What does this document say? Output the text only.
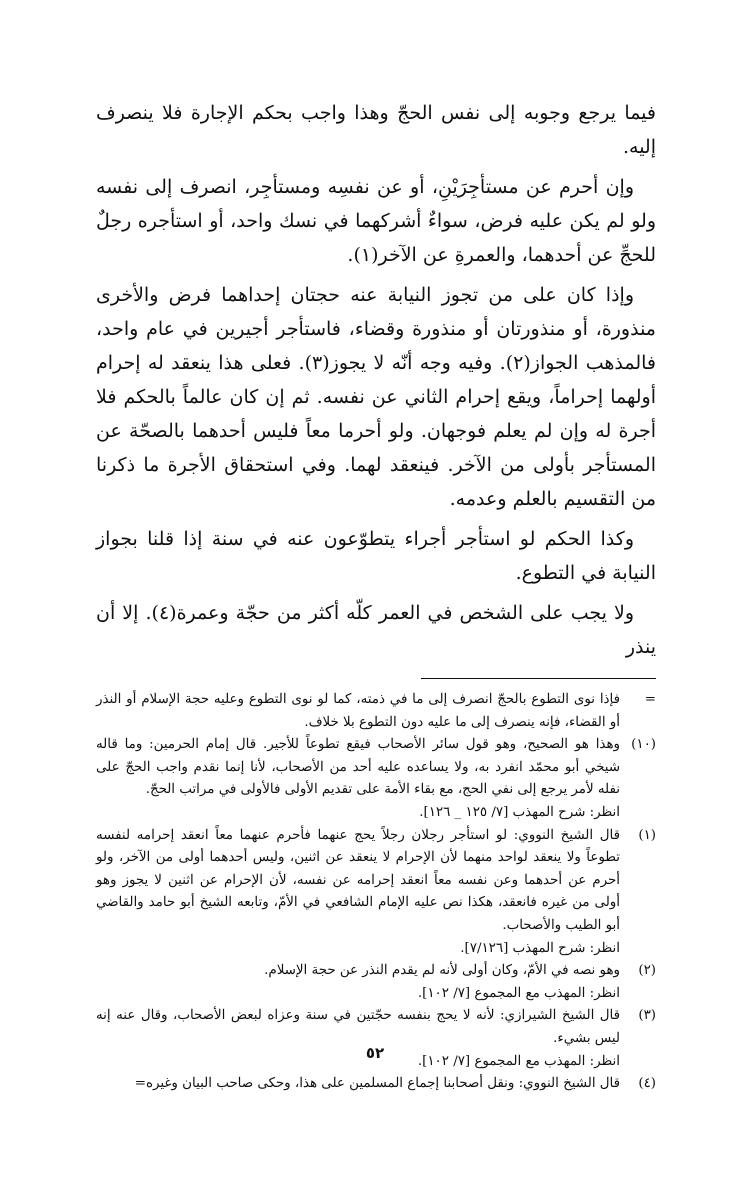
فيما يرجع وجوبه إلى نفس الحجّ وهذا واجب بحكم الإجارة فلا ينصرف إليه.

وإن أحرم عن مستأجِرَيْنِ، أو عن نفسِه ومستأجِر، انصرف إلى نفسه ولو لم يكن عليه فرض، سواءٌ أشركهما في نسك واحد، أو استأجره رجلٌ للحجِّ عن أحدهما، والعمرةِ عن الآخر(١).

وإذا كان على من تجوز النيابة عنه حجتان إحداهما فرض والأخرى منذورة، أو منذورتان أو منذورة وقضاء، فاستأجر أجيرين في عام واحد، فالمذهب الجواز(٢). وفيه وجه أنّه لا يجوز(٣). فعلى هذا ينعقد له إحرام أولهما إحراماً، ويقع إحرام الثاني عن نفسه. ثم إن كان عالماً بالحكم فلا أجرة له وإن لم يعلم فوجهان. ولو أحرما معاً فليس أحدهما بالصحّة عن المستأجر بأولى من الآخر. فينعقد لهما. وفي استحقاق الأجرة ما ذكرنا من التقسيم بالعلم وعدمه.

وكذا الحكم لو استأجر أجراء يتطوّعون عنه في سنة إذا قلنا بجواز النيابة في التطوع.

ولا يجب على الشخص في العمر كلّه أكثر من حجّة وعمرة(٤). إلا أن ينذر

=
فإذا نوى التطوع بالحجّ انصرف إلى ما في ذمته، كما لو نوى التطوع وعليه حجة الإسلام أو النذر أو القضاء، فإنه ينصرف إلى ما عليه دون التطوع بلا خلاف.
(١٠)
وهذا هو الصحيح، وهو قول سائر الأصحاب فيقع تطوعاً للأجير. قال إمام الحرمين: وما قاله شيخي أبو محمّد انفرد به، ولا يساعده عليه أحد من الأصحاب، لأنا إنما نقدم واجب الحجّ على نفله لأمر يرجع إلى نفي الحج، مع بقاء الأمة على تقديم الأولى فالأولى في مراتب الحجّ.
انظر: شرح المهذب [٧/ ١٢٥ _ ١٢٦].
(١)
قال الشيخ النووي: لو استأجر رجلان رجلاً يحج عنهما فأحرم عنهما معاً انعقد إحرامه لنفسه تطوعاً ولا ينعقد لواحد منهما لأن الإحرام لا ينعقد عن اثنين، وليس أحدهما أولى من الآخر، ولو أحرم عن أحدهما وعن نفسه معاً انعقد إحرامه عن نفسه، لأن الإحرام عن اثنين لا يجوز وهو أولى من غيره فانعقد، هكذا نص عليه الإمام الشافعي في الأمّ، وتابعه الشيخ أبو حامد والقاضي أبو الطيب والأصحاب.
انظر: شرح المهذب [٧/١٢٦].
(٢)
وهو نصه في الأمّ، وكان أولى لأنه لم يقدم النذر عن حجة الإسلام.
انظر: المهذب مع المجموع [٧/ ١٠٢].
(٣)
قال الشيخ الشيرازي: لأنه لا يحج بنفسه حجّتين في سنة وعزاه لبعض الأصحاب، وقال عنه إنه ليس بشيء.
انظر: المهذب مع المجموع [٧/ ١٠٢].
(٤)
قال الشيخ النووي: ونقل أصحابنا إجماع المسلمين على هذا، وحكى صاحب البيان وغيره=
٥٢
